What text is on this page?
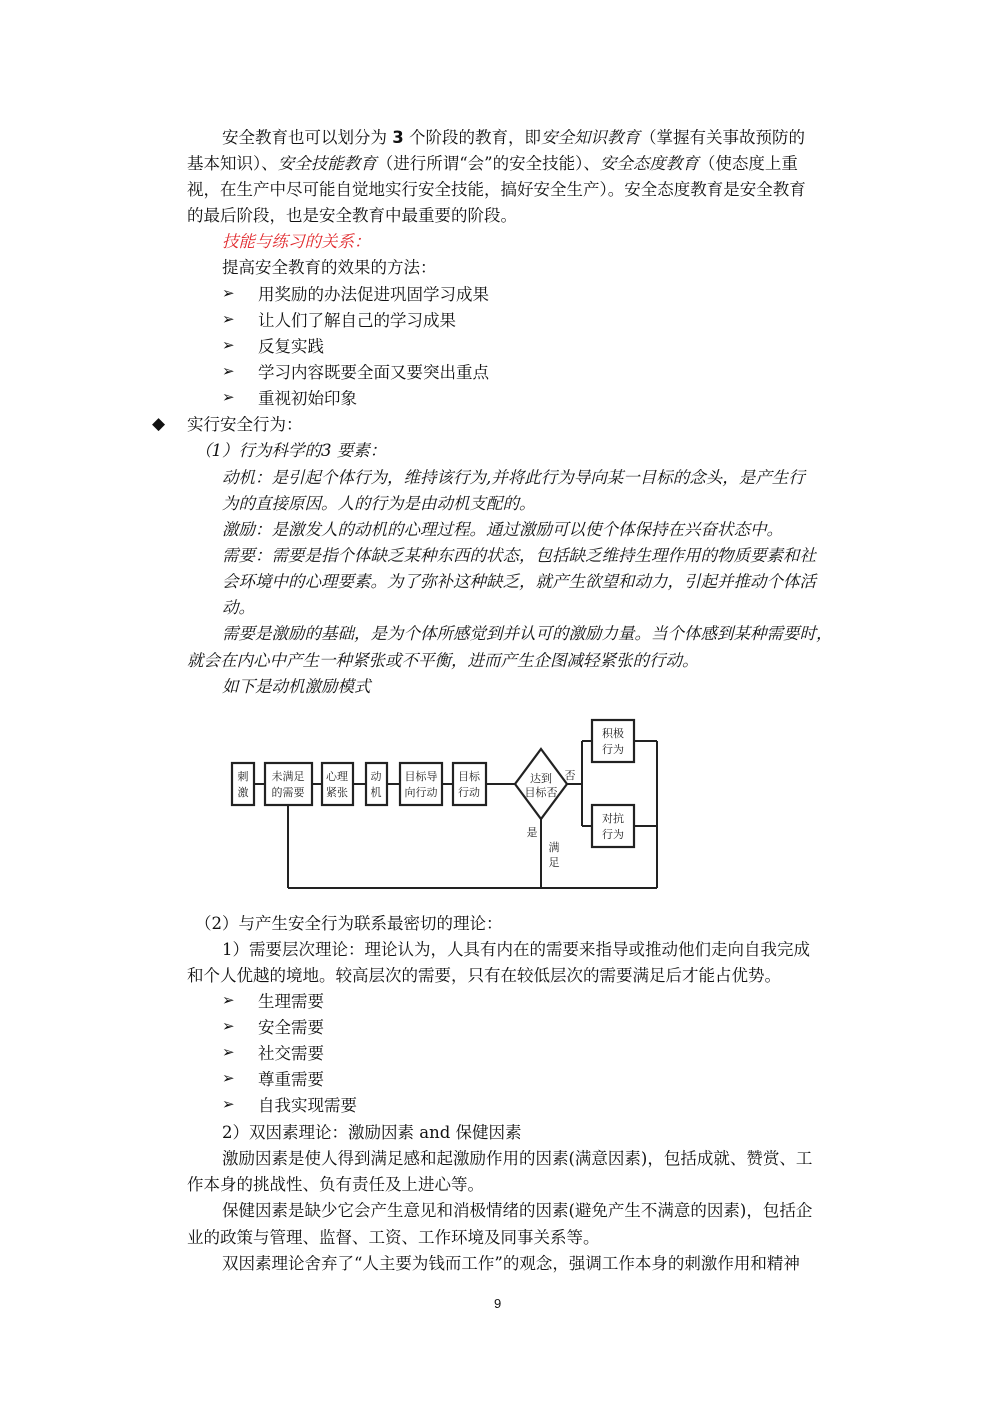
安全教育也可以划分为 3 个阶段的教育，即安全知识教育（掌握有关事故预防的
基本知识）、安全技能教育（进行所谓“会”的安全技能）、安全态度教育（使态度上重
视，在生产中尽可能自觉地实行安全技能，搞好安全生产）。安全态度教育是安全教育
的最后阶段，也是安全教育中最重要的阶段。
技能与练习的关系：
提高安全教育的效果的方法：
➢ 用奖励的办法促进巩固学习成果
➢ 让人们了解自己的学习成果
➢ 反复实践
➢ 学习内容既要全面又要突出重点
➢ 重视初始印象
◆ 实行安全行为：
（1）行为科学的3 要素：
动机：是引起个体行为，维持该行为,并将此行为导向某一目标的念头，是产生行
为的直接原因。人的行为是由动机支配的。
激励：是激发人的动机的心理过程。通过激励可以使个体保持在兴奋状态中。
需要：需要是指个体缺乏某种东西的状态，包括缺乏维持生理作用的物质要素和社
会环境中的心理要素。为了弥补这种缺乏，就产生欲望和动力，引起并推动个体活
动。
需要是激励的基础，是为个体所感觉到并认可的激励力量。当个体感到某种需要时，
就会在内心中产生一种紧张或不平衡，进而产生企图减轻紧张的行动。
如下是动机激励模式
刺
激
未满足
的需要
心理
紧张
动
机
目标导
向行动
目标
行动
达到
目标否
积极
行为
对抗
行为
否
是
满
足
（2）与产生安全行为联系最密切的理论：
1）需要层次理论：理论认为，人具有内在的需要来指导或推动他们走向自我完成
和个人优越的境地。较高层次的需要，只有在较低层次的需要满足后才能占优势。
➢ 生理需要
➢ 安全需要
➢ 社交需要
➢ 尊重需要
➢ 自我实现需要
2）双因素理论：激励因素 and 保健因素
激励因素是使人得到满足感和起激励作用的因素(满意因素)，包括成就、赞赏、工
作本身的挑战性、负有责任及上进心等。
保健因素是缺少它会产生意见和消极情绪的因素(避免产生不满意的因素)，包括企
业的政策与管理、监督、工资、工作环境及同事关系等。
双因素理论舍弃了“人主要为钱而工作”的观念，强调工作本身的刺激作用和精神
9
